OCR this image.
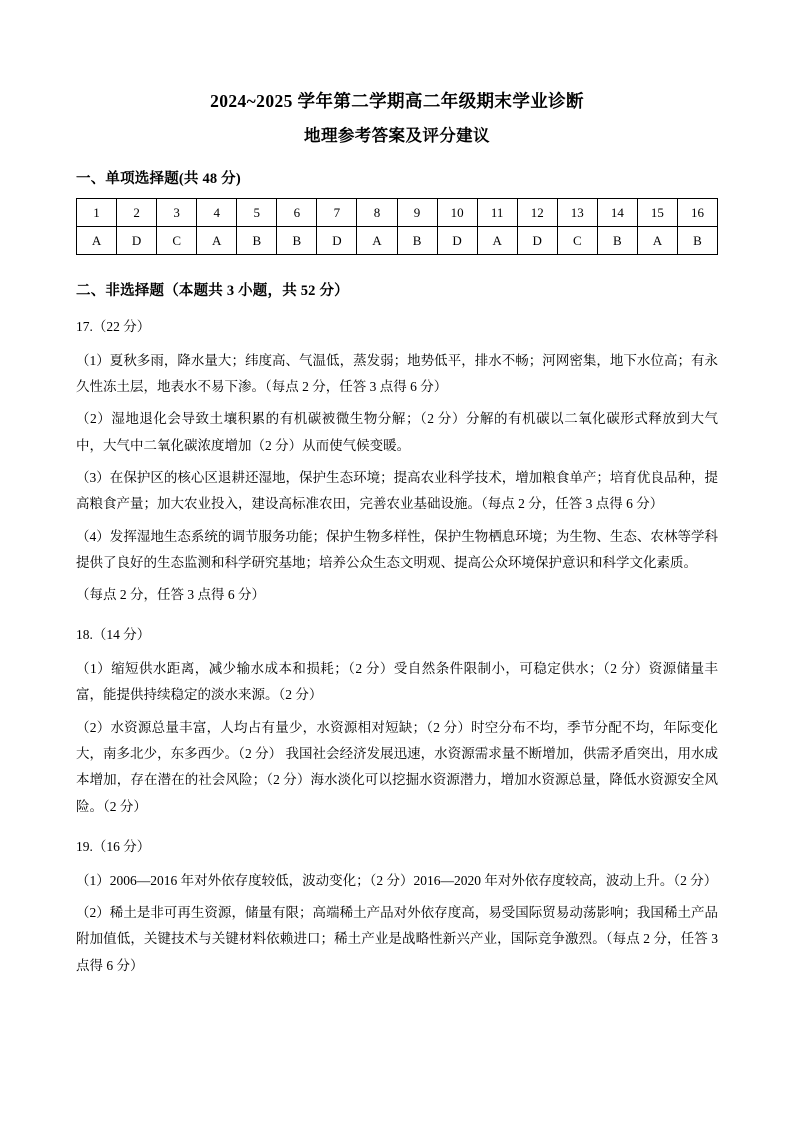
2024~2025 学年第二学期高二年级期末学业诊断
地理参考答案及评分建议
一、单项选择题(共 48 分)
1	2	3	4	5	6	7	8	9	10	11	12	13	14	15	16
A	D	C	A	B	B	D	A	B	D	A	D	C	B	A	B
二、非选择题（本题共 3 小题，共 52 分）
17.（22 分）

（1）夏秋多雨，降水量大；纬度高、气温低，蒸发弱；地势低平，排水不畅；河网密集，地下水位高；有永久性冻土层，地表水不易下渗。（每点 2 分，任答 3 点得 6 分）

（2）湿地退化会导致土壤积累的有机碳被微生物分解；（2 分）分解的有机碳以二氧化碳形式释放到大气中，大气中二氧化碳浓度增加（2 分）从而使气候变暖。

（3）在保护区的核心区退耕还湿地，保护生态环境；提高农业科学技术，增加粮食单产；培育优良品种，提高粮食产量；加大农业投入，建设高标准农田，完善农业基础设施。（每点 2 分，任答 3 点得 6 分）

（4）发挥湿地生态系统的调节服务功能；保护生物多样性，保护生物栖息环境；为生物、生态、农林等学科提供了良好的生态监测和科学研究基地；培养公众生态文明观、提高公众环境保护意识和科学文化素质。

（每点 2 分，任答 3 点得 6 分）

18.（14 分）

（1）缩短供水距离，减少输水成本和损耗；（2 分）受自然条件限制小，可稳定供水；（2 分）资源储量丰富，能提供持续稳定的淡水来源。（2 分）

（2）水资源总量丰富，人均占有量少，水资源相对短缺；（2 分）时空分布不均，季节分配不均，年际变化大，南多北少，东多西少。（2 分） 我国社会经济发展迅速，水资源需求量不断增加，供需矛盾突出，用水成本增加，存在潜在的社会风险；（2 分）海水淡化可以挖掘水资源潜力，增加水资源总量，降低水资源安全风险。（2 分）

19.（16 分）

（1）2006—2016 年对外依存度较低，波动变化；（2 分）2016—2020 年对外依存度较高，波动上升。（2 分）

（2）稀土是非可再生资源，储量有限；高端稀土产品对外依存度高，易受国际贸易动荡影响；我国稀土产品附加值低，关键技术与关键材料依赖进口；稀土产业是战略性新兴产业，国际竞争激烈。（每点 2 分，任答 3 点得 6 分）
